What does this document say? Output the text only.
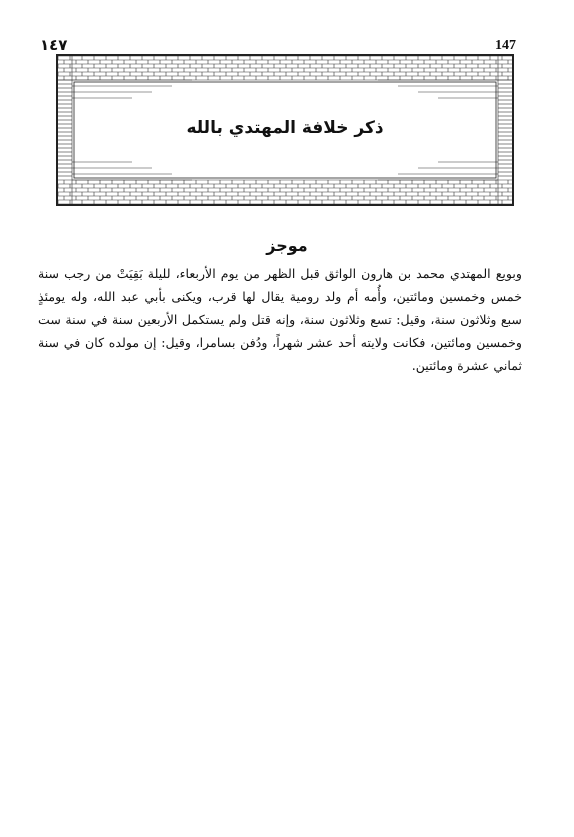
147
١٤٧
ذكر خلافة المهتدي بالله
موجز

وبويع المهتدي محمد بن هارون الواثق قبل الظهر من يوم الأربعاء، لليلة بَقِيَتْ من رجب سنة خمس وخمسين ومائتين، وأُمه أم ولد رومية يقال لها قرب، ويكنى بأبي عبد الله، وله يومئذٍ سبع وثلاثون سنة، وقيل: تسع وثلاثون سنة، وإنه قتل ولم يستكمل الأربعين سنة في سنة ست وخمسين ومائتين، فكانت ولايته أحد عشر شهراً، ودُفن بسامرا، وقيل: إن مولده كان في سنة ثماني عشرة ومائتين.
